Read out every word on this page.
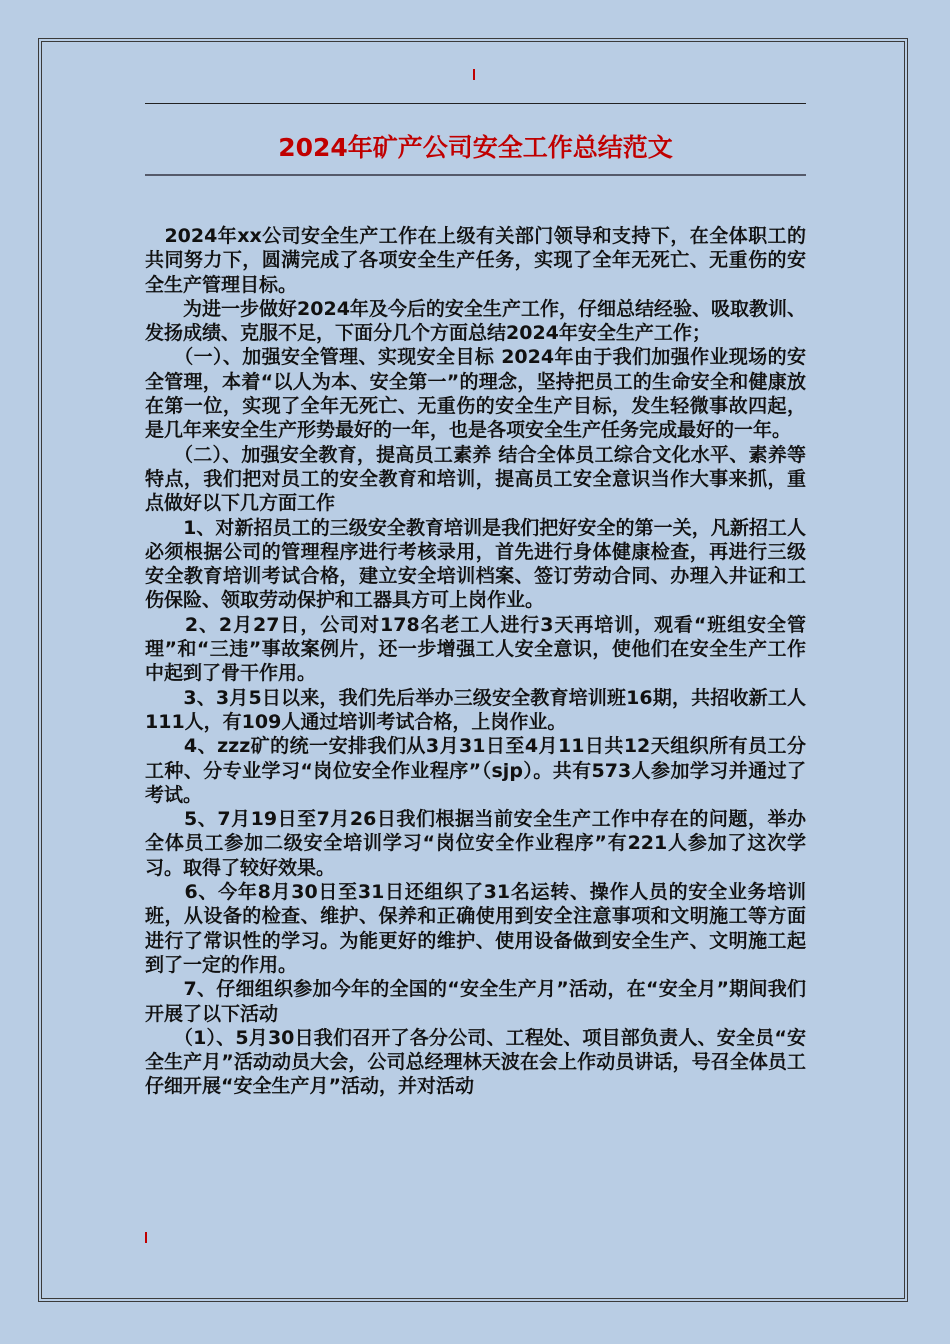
2024年矿产公司安全工作总结范文

　2024年xx公司安全生产工作在上级有关部门领导和支持下，在全体职工的共同努力下，圆满完成了各项安全生产任务，实现了全年无死亡、无重伤的安全生产管理目标。

　　为进一步做好2024年及今后的安全生产工作，仔细总结经验、吸取教训、发扬成绩、克服不足，下面分几个方面总结2024年安全生产工作；

　　（一）、加强安全管理、实现安全目标 2024年由于我们加强作业现场的安全管理，本着“以人为本、安全第一”的理念，坚持把员工的生命安全和健康放在第一位，实现了全年无死亡、无重伤的安全生产目标，发生轻微事故四起，是几年来安全生产形势最好的一年，也是各项安全生产任务完成最好的一年。

　　（二）、加强安全教育，提高员工素养 结合全体员工综合文化水平、素养等特点，我们把对员工的安全教育和培训，提高员工安全意识当作大事来抓，重点做好以下几方面工作

　　1、对新招员工的三级安全教育培训是我们把好安全的第一关，凡新招工人必须根据公司的管理程序进行考核录用，首先进行身体健康检查，再进行三级安全教育培训考试合格，建立安全培训档案、签订劳动合同、办理入井证和工伤保险、领取劳动保护和工器具方可上岗作业。

　　2、2月27日，公司对178名老工人进行3天再培训，观看“班组安全管理”和“三违”事故案例片，还一步增强工人安全意识，使他们在安全生产工作中起到了骨干作用。

　　3、3月5日以来，我们先后举办三级安全教育培训班16期，共招收新工人111人，有109人通过培训考试合格，上岗作业。

　　4、zzz矿的统一安排我们从3月31日至4月11日共12天组织所有员工分工种、分专业学习“岗位安全作业程序”（sjp）。共有573人参加学习并通过了考试。

　　5、7月19日至7月26日我们根据当前安全生产工作中存在的问题，举办全体员工参加二级安全培训学习“岗位安全作业程序”有221人参加了这次学习。取得了较好效果。

　　6、今年8月30日至31日还组织了31名运转、操作人员的安全业务培训班，从设备的检查、维护、保养和正确使用到安全注意事项和文明施工等方面进行了常识性的学习。为能更好的维护、使用设备做到安全生产、文明施工起到了一定的作用。

　　7、仔细组织参加今年的全国的“安全生产月”活动，在“安全月”期间我们开展了以下活动

　　（1）、5月30日我们召开了各分公司、工程处、项目部负责人、安全员“安全生产月”活动动员大会，公司总经理林天波在会上作动员讲话，号召全体员工仔细开展“安全生产月”活动，并对活动
